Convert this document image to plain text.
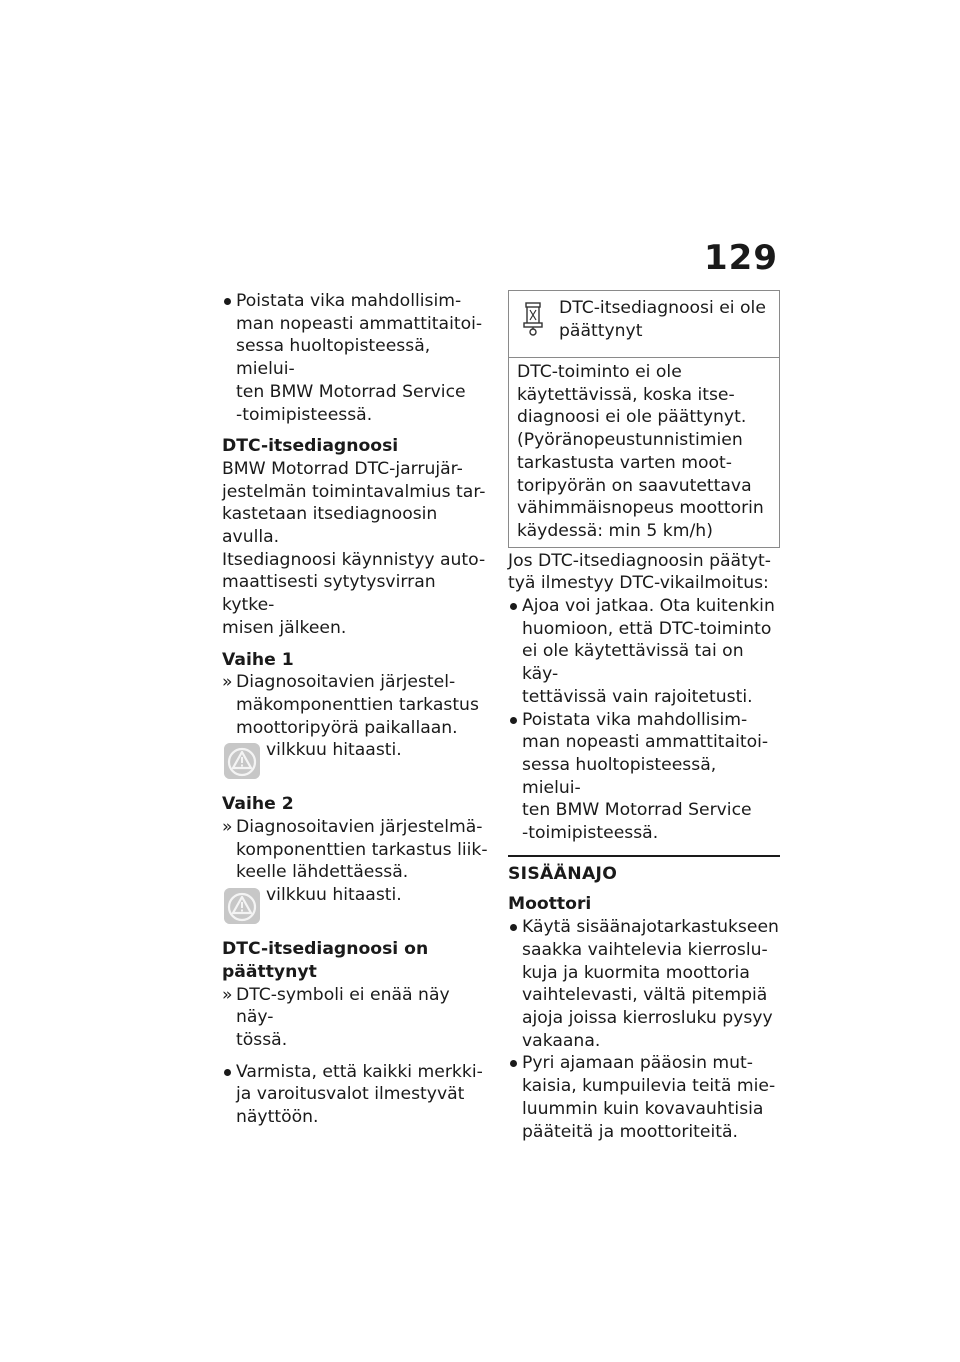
129
Poistata vika mahdollisim-
man nopeasti ammattitaitoi-
sessa huoltopisteessä, mielui-
ten BMW Motorrad Service
-toimipisteessä.
DTC-itsediagnoosi
BMW Motorrad DTC-jarrujär-
jestelmän toimintavalmius tar-
kastetaan itsediagnoosin avulla.
Itsediagnoosi käynnistyy auto-
maattisesti sytytysvirran kytke-
misen jälkeen.
Vaihe 1
» Diagnosoitavien järjestel-
mäkomponenttien tarkastus
moottoripyörä paikallaan.
vilkkuu hitaasti.
Vaihe 2
» Diagnosoitavien järjestelmä-
komponenttien tarkastus liik-
keelle lähdettäessä.
vilkkuu hitaasti.
DTC-itsediagnoosi on
päättynyt
» DTC-symboli ei enää näy näy-
tössä.
Varmista, että kaikki merkki-
ja varoitusvalot ilmestyvät
näyttöön.
DTC-itsediagnoosi ei ole
päättynyt
DTC-toiminto ei ole
käytettävissä, koska itse-
diagnoosi ei ole päättynyt.
(Pyöränopeustunnistimien
tarkastusta varten moot-
toripyörän on saavutettava
vähimmäisnopeus moottorin
käydessä: min 5 km/h)
Jos DTC-itsediagnoosin päätyt-
tyä ilmestyy DTC-vikailmoitus:
Ajoa voi jatkaa. Ota kuitenkin
huomioon, että DTC-toiminto
ei ole käytettävissä tai on käy-
tettävissä vain rajoitetusti.
Poistata vika mahdollisim-
man nopeasti ammattitaitoi-
sessa huoltopisteessä, mielui-
ten BMW Motorrad Service
-toimipisteessä.
SISÄÄNAJO
Moottori
Käytä sisäänajotarkastukseen
saakka vaihtelevia kierroslu-
kuja ja kuormita moottoria
vaihtelevasti, vältä pitempiä
ajoja joissa kierrosluku pysyy
vakaana.
Pyri ajamaan pääosin mut-
kaisia, kumpuilevia teitä mie-
luummin kuin kovavauhtisia
pääteitä ja moottoriteitä.
